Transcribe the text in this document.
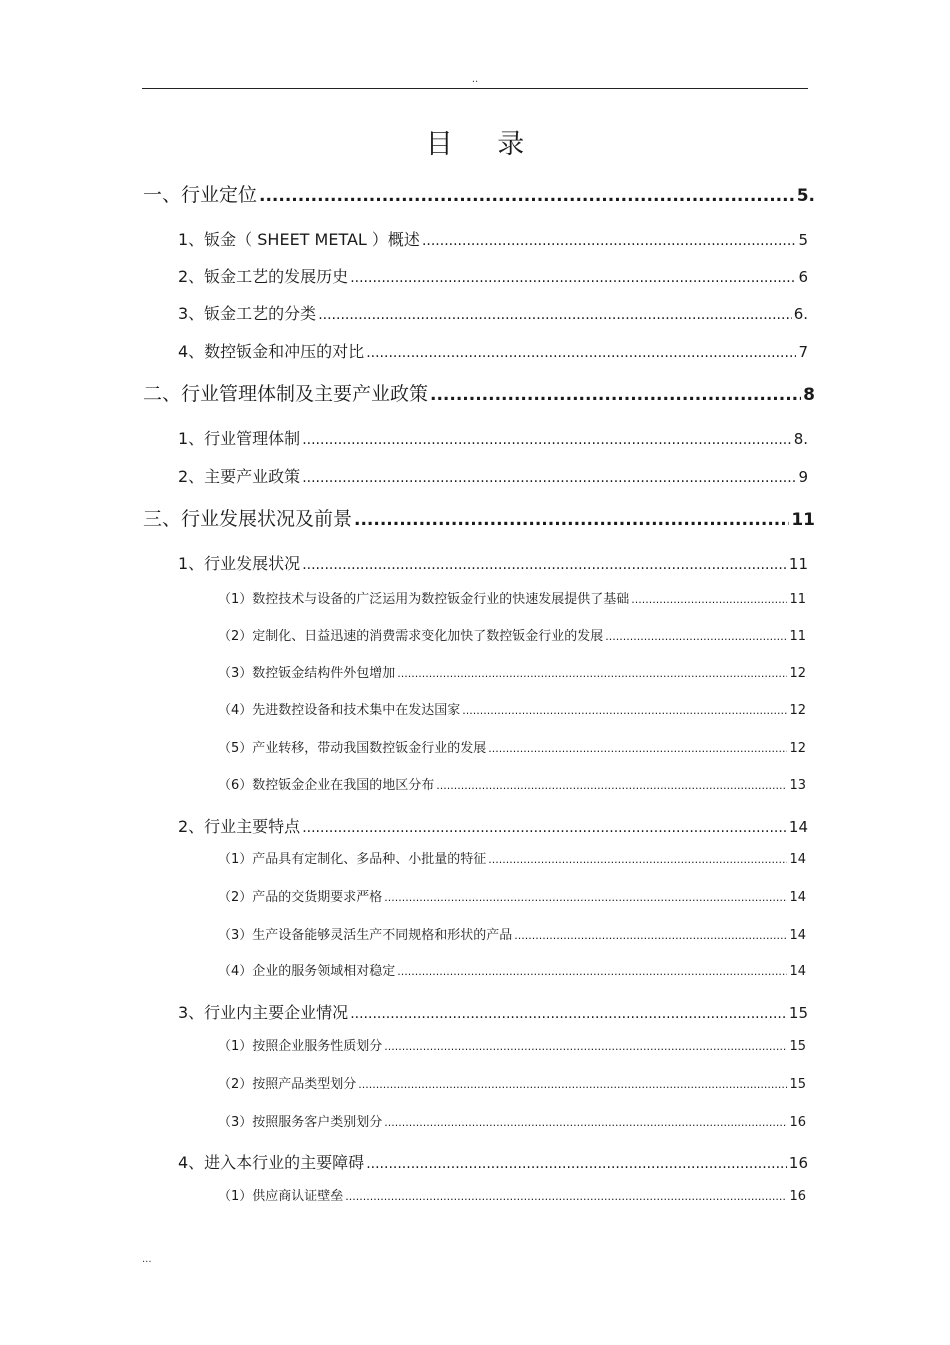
..
目 录
一、行业定位 .....	5.
1、钣金（ SHEET METAL ）概述 .....	5
2、钣金工艺的发展历史 .....	6
3、钣金工艺的分类 .....	6.
4、数控钣金和冲压的对比 .....	7
二、行业管理体制及主要产业政策 .....	8
1、行业管理体制 .....	8.
2、主要产业政策 .....	9
三、行业发展状况及前景 .....	11
1、行业发展状况 .....	11
（1）数控技术与设备的广泛运用为数控钣金行业的快速发展提供了基础 .....	11
（2）定制化、日益迅速的消费需求变化加快了数控钣金行业的发展 .....	11
（3）数控钣金结构件外包增加 .....	12
（4）先进数控设备和技术集中在发达国家 .....	12
（5）产业转移，带动我国数控钣金行业的发展 .....	12
（6）数控钣金企业在我国的地区分布 .....	13
2、行业主要特点 .....	14
（1）产品具有定制化、多品种、小批量的特征 .....	14
（2）产品的交货期要求严格 .....	14
（3）生产设备能够灵活生产不同规格和形状的产品 .....	14
（4）企业的服务领域相对稳定 .....	14
3、行业内主要企业情况 .....	15
（1）按照企业服务性质划分 .....	15
（2）按照产品类型划分 .....	15
（3）按照服务客户类别划分 .....	16
4、进入本行业的主要障碍 .....	16
（1）供应商认证壁垒 .....	16
...
